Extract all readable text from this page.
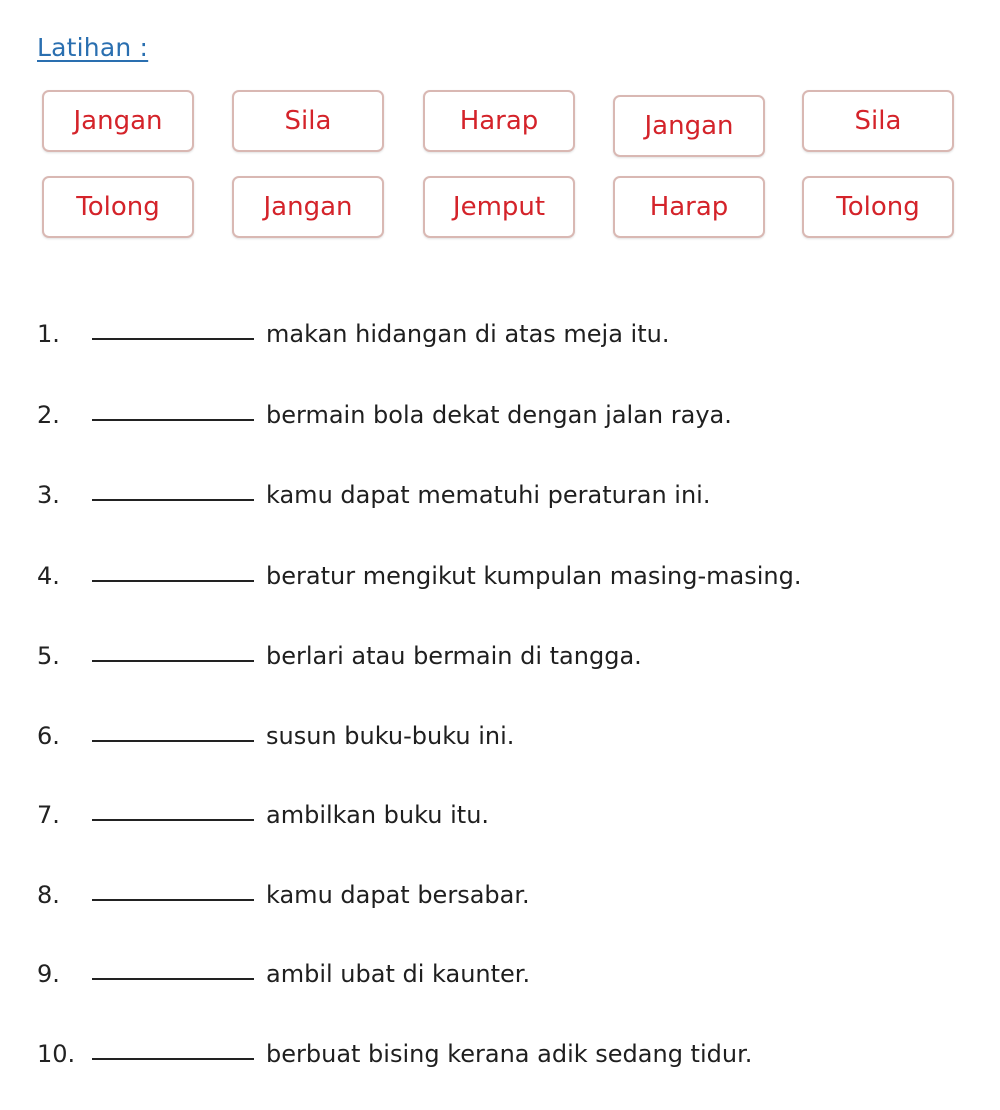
Latihan :
Jangan	Sila	Harap	Jangan	Sila
Tolong	Jangan	Jemput	Harap	Tolong
1.	makan hidangan di atas meja itu.
2.	bermain bola dekat dengan jalan raya.
3.	kamu dapat mematuhi peraturan ini.
4.	beratur mengikut kumpulan masing-masing.
5.	berlari atau bermain di tangga.
6.	susun buku-buku ini.
7.	ambilkan buku itu.
8.	kamu dapat bersabar.
9.	ambil ubat di kaunter.
10.	berbuat bising kerana adik sedang tidur.
